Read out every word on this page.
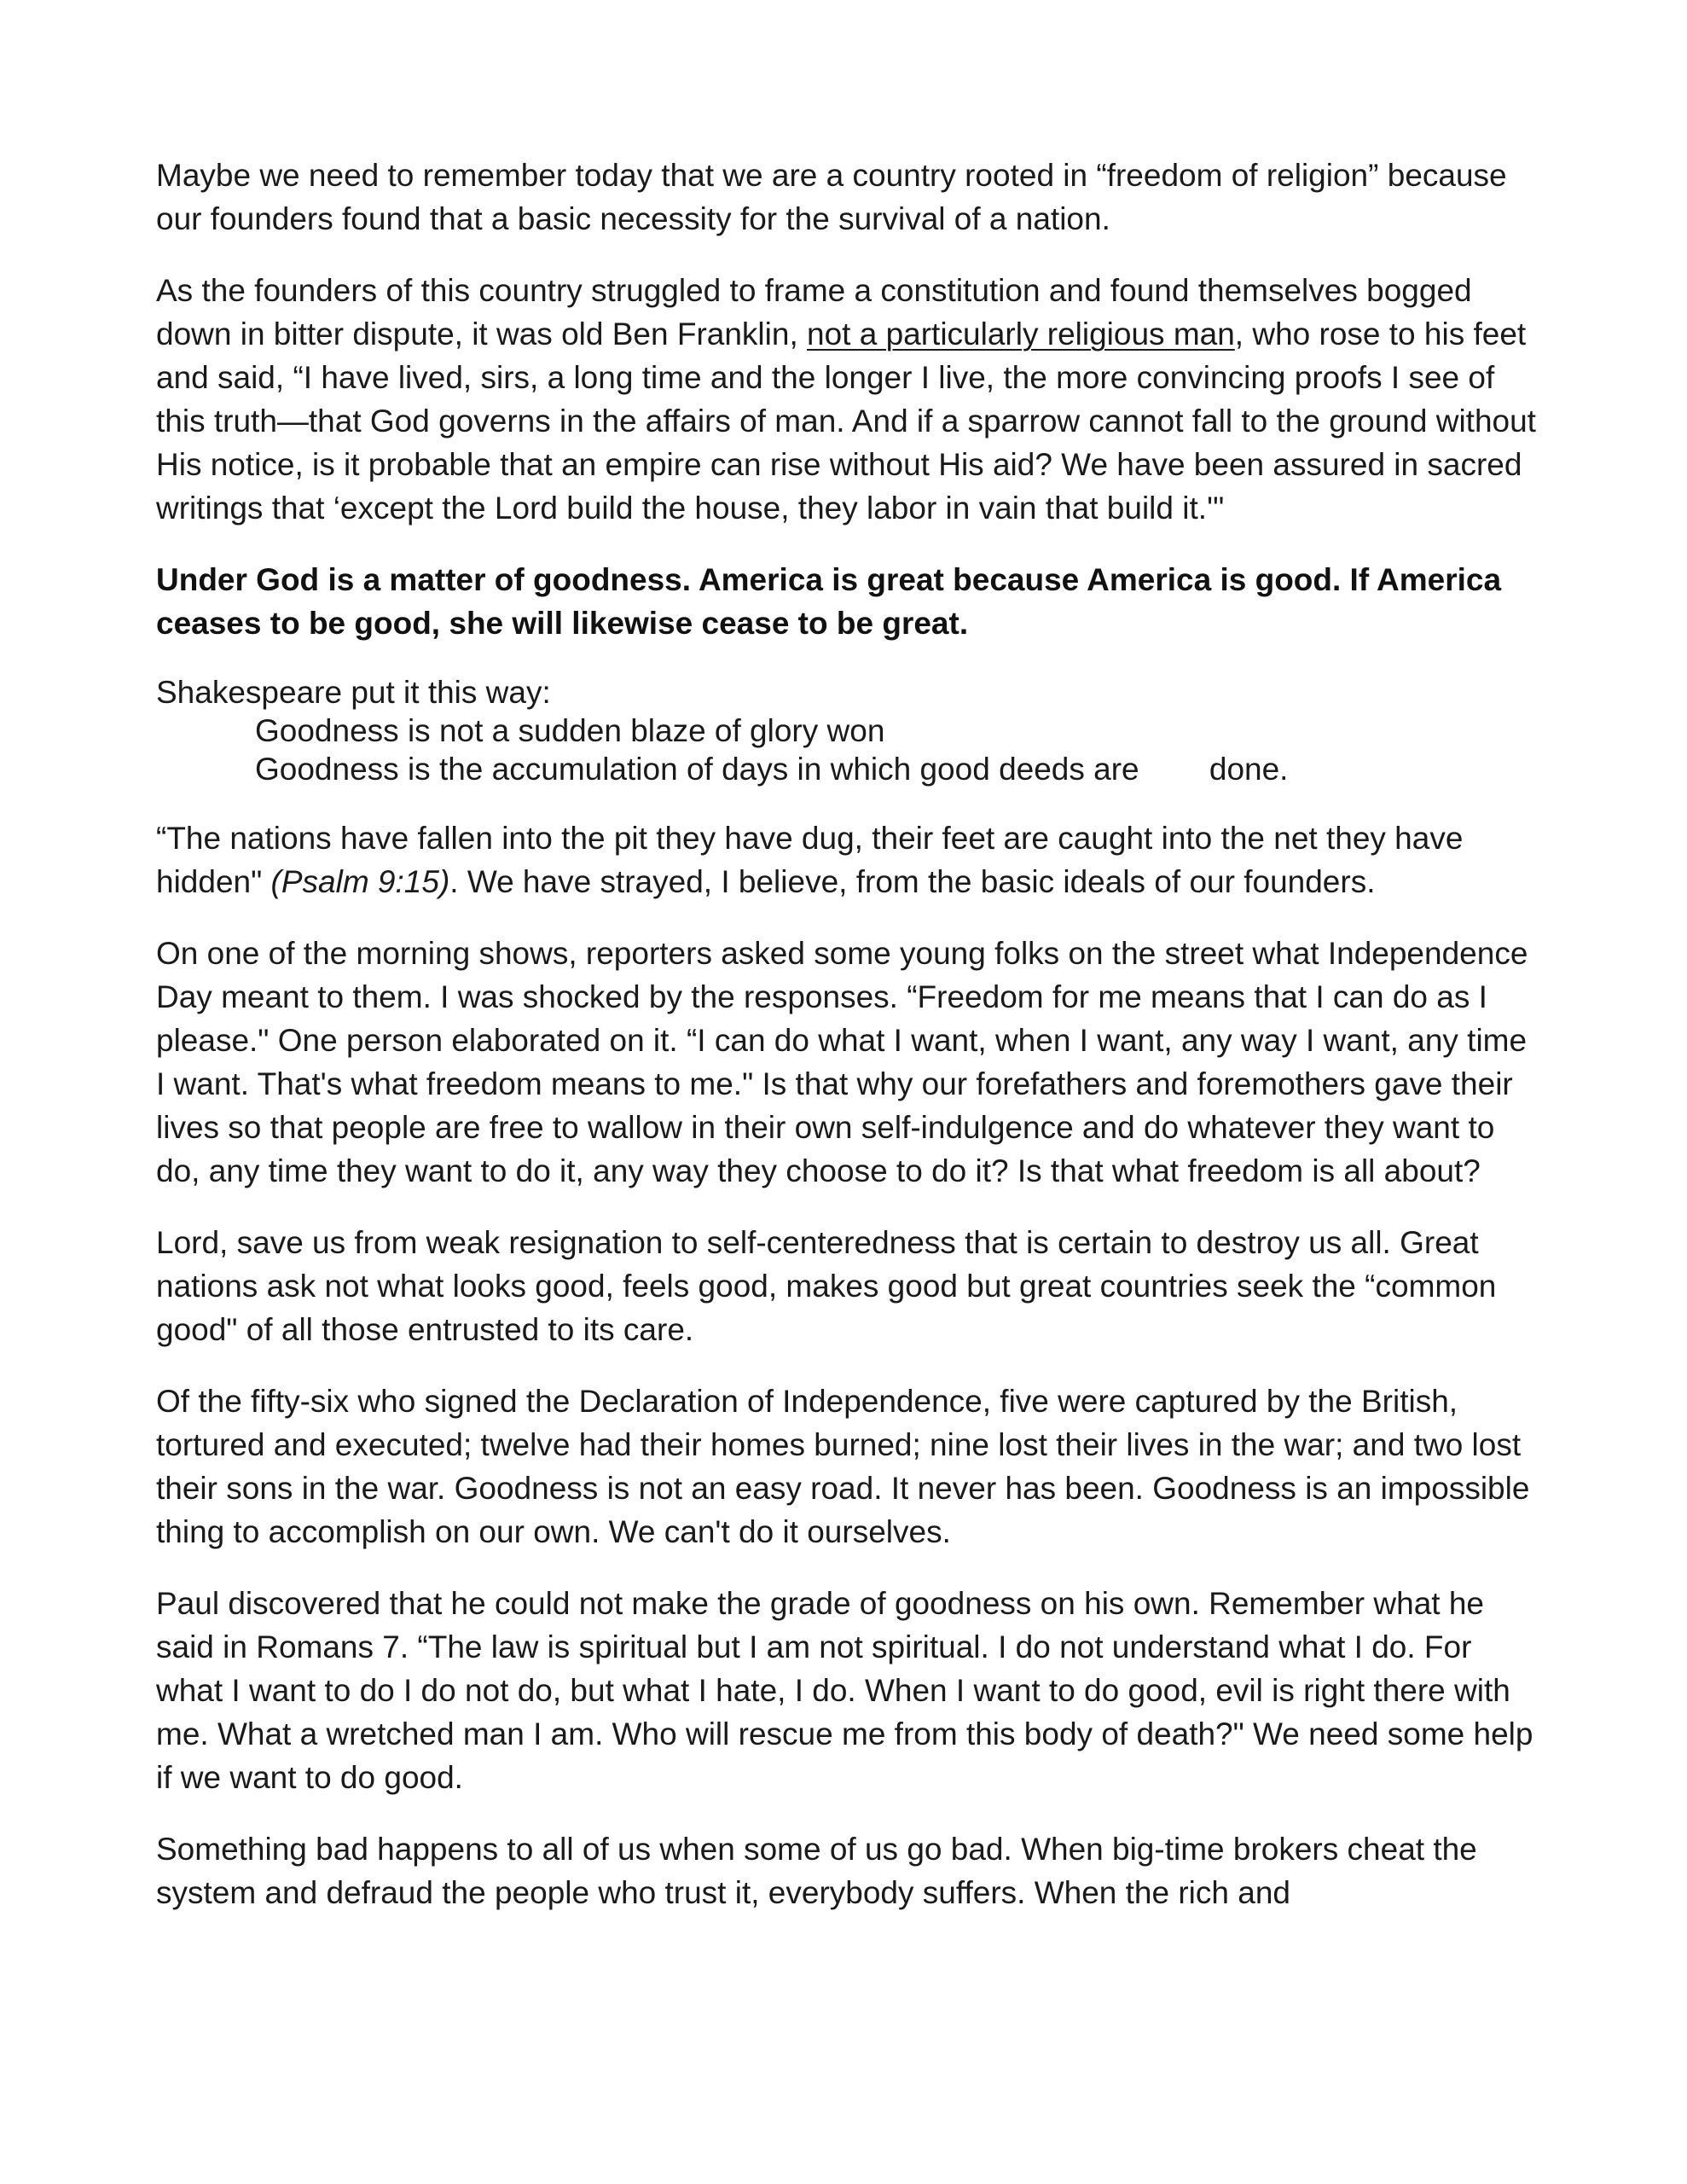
Maybe we need to remember today that we are a country rooted in “freedom of religion” because our founders found that a basic necessity for the survival of a nation.

As the founders of this country struggled to frame a constitution and found themselves bogged down in bitter dispute, it was old Ben Franklin, not a particularly religious man, who rose to his feet and said, “I have lived, sirs, a long time and the longer I live, the more convincing proofs I see of this truth—that God governs in the affairs of man. And if a sparrow cannot fall to the ground without His notice, is it probable that an empire can rise without His aid? We have been assured in sacred writings that ‘except the Lord build the house, they labor in vain that build it.'"

Under God is a matter of goodness. America is great because America is good. If America ceases to be good, she will likewise cease to be great.

Shakespeare put it this way:

Goodness is not a sudden blaze of glory won
Goodness is the accumulation of days in which good deeds are        done.

“The nations have fallen into the pit they have dug, their feet are caught into the net they have hidden" (Psalm 9:15). We have strayed, I believe, from the basic ideals of our founders.

On one of the morning shows, reporters asked some young folks on the street what Independence Day meant to them. I was shocked by the responses. “Freedom for me means that I can do as I please." One person elaborated on it. “I can do what I want, when I want, any way I want, any time I want. That's what freedom means to me." Is that why our forefathers and foremothers gave their lives so that people are free to wallow in their own self-indulgence and do whatever they want to do, any time they want to do it, any way they choose to do it? Is that what freedom is all about?

Lord, save us from weak resignation to self-centeredness that is certain to destroy us all. Great nations ask not what looks good, feels good, makes good but great countries seek the “common good" of all those entrusted to its care.

Of the fifty-six who signed the Declaration of Independence, five were captured by the British, tortured and executed; twelve had their homes burned; nine lost their lives in the war; and two lost their sons in the war. Goodness is not an easy road. It never has been. Goodness is an impossible thing to accomplish on our own. We can't do it ourselves.

Paul discovered that he could not make the grade of goodness on his own. Remember what he said in Romans 7. “The law is spiritual but I am not spiritual. I do not understand what I do. For what I want to do I do not do, but what I hate, I do. When I want to do good, evil is right there with me. What a wretched man I am. Who will rescue me from this body of death?" We need some help if we want to do good.

Something bad happens to all of us when some of us go bad. When big-time brokers cheat the system and defraud the people who trust it, everybody suffers. When the rich and
